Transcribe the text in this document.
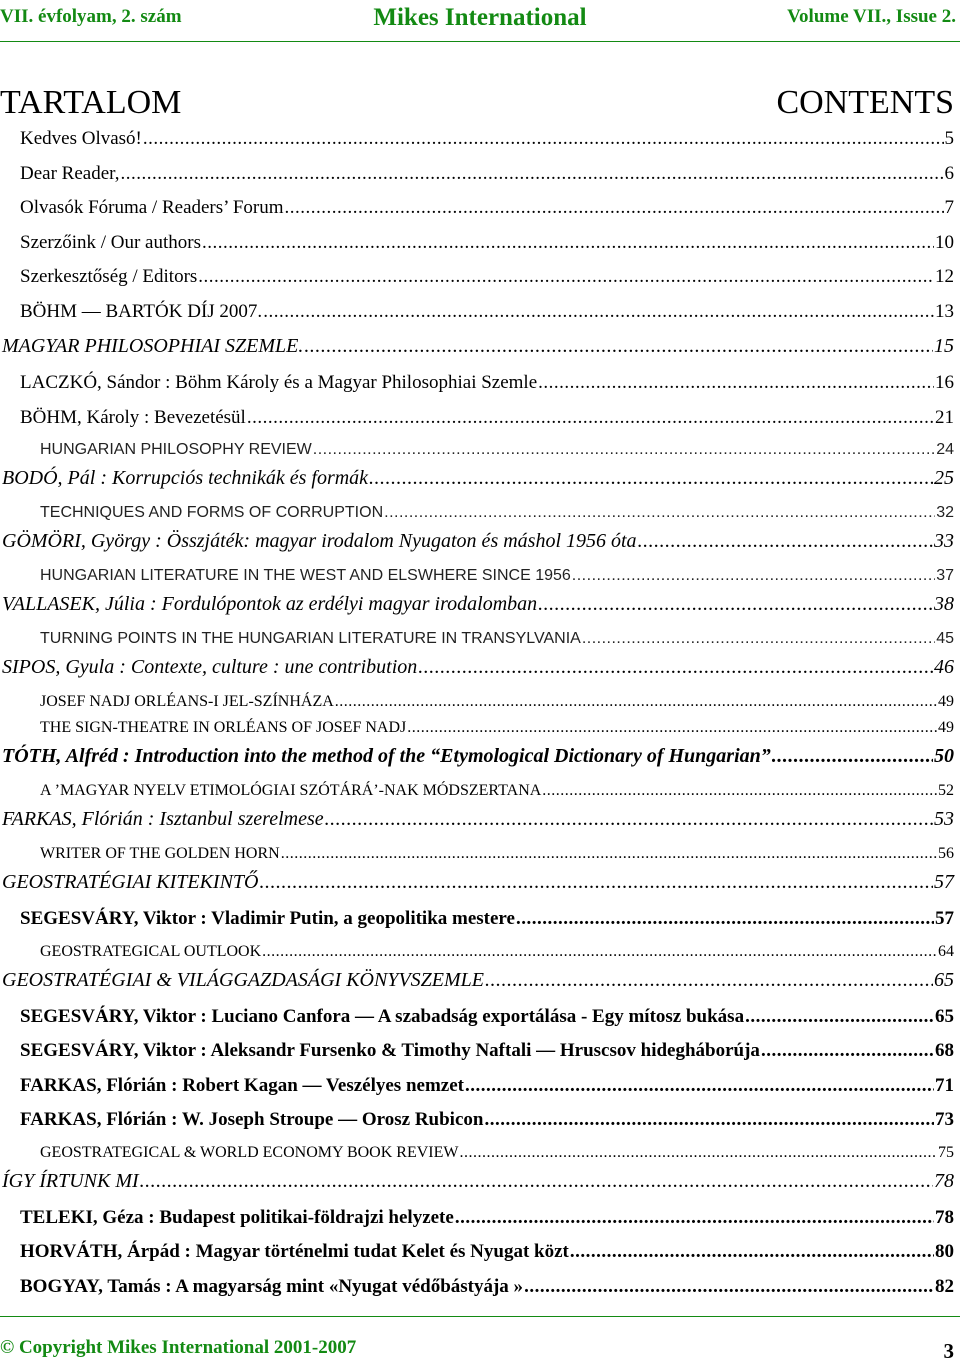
VII. évfolyam, 2. szám	Mikes International	Volume VII., Issue 2.
TARTALOM	CONTENTS
Kedves Olvasó! .....	5
Dear Reader, .....	6
Olvasók Fóruma / Readers’ Forum .....	7
Szerzőink / Our authors .....	10
Szerkesztőség / Editors .....	12
BÖHM — BARTÓK DÍJ 2007. .....	13
MAGYAR PHILOSOPHIAI SZEMLE. .....	15
LACZKÓ, Sándor : Böhm Károly és a Magyar Philosophiai Szemle .....	16
BÖHM, Károly : Bevezetésül .....	21
HUNGARIAN PHILOSOPHY REVIEW .....	24
BODÓ, Pál : Korrupciós technikák és formák .....	25
TECHNIQUES AND FORMS OF CORRUPTION .....	32
GÖMÖRI, György : Összjáték: magyar irodalom Nyugaton és máshol 1956 óta .....	33
HUNGARIAN LITERATURE IN THE WEST AND ELSWHERE SINCE 1956 .....	37
VALLASEK, Júlia : Fordulópontok az erdélyi magyar irodalomban .....	38
TURNING POINTS IN THE HUNGARIAN LITERATURE IN TRANSYLVANIA .....	45
SIPOS, Gyula : Contexte, culture : une contribution .....	46
JOSEF NADJ ORLÉANS-I JEL-SZÍNHÁZA .....	49
THE SIGN-THEATRE IN ORLÉANS OF JOSEF NADJ .....	49
TÓTH, Alfréd : Introduction into the method of the “Etymological Dictionary of Hungarian” .....	50
A ’MAGYAR NYELV ETIMOLÓGIAI SZÓTÁRÁ’-NAK MÓDSZERTANA .....	52
FARKAS, Flórián : Isztanbul szerelmese .....	53
WRITER OF THE GOLDEN HORN .....	56
GEOSTRATÉGIAI KITEKINTŐ .....	57
SEGESVÁRY, Viktor : Vladimir Putin, a geopolitika mestere .....	57
GEOSTRATEGICAL OUTLOOK .....	64
GEOSTRATÉGIAI & VILÁGGAZDASÁGI KÖNYVSZEMLE .....	65
SEGESVÁRY, Viktor : Luciano Canfora — A szabadság exportálása - Egy mítosz bukása .....	65
SEGESVÁRY, Viktor : Aleksandr Fursenko & Timothy Naftali — Hruscsov hidegháborúja .....	68
FARKAS, Flórián : Robert Kagan — Veszélyes nemzet .....	71
FARKAS, Flórián : W. Joseph Stroupe — Orosz Rubicon .....	73
GEOSTRATEGICAL & WORLD ECONOMY BOOK REVIEW .....	75
ÍGY ÍRTUNK MI .....	78
TELEKI, Géza : Budapest politikai-földrajzi helyzete .....	78
HORVÁTH, Árpád : Magyar történelmi tudat Kelet és Nyugat közt .....	80
BOGYAY, Tamás : A magyarság mint «Nyugat védőbástyája » .....	82
© Copyright Mikes International 2001-2007	3
